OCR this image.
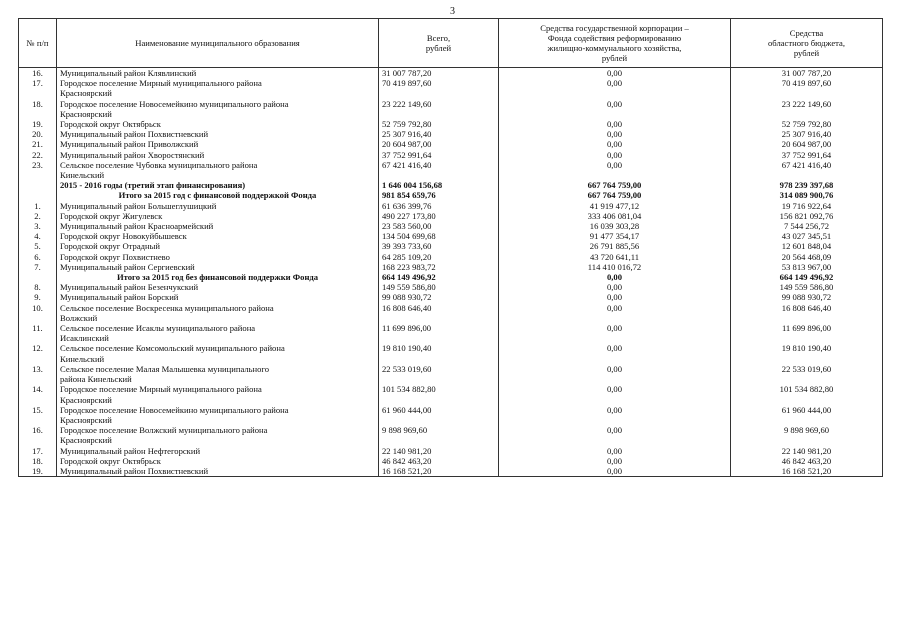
3
№ п/п	Наименование муниципального образования	Всего,
рублей	Средства государственной корпорации –
Фонда содействия реформированию
жилищно-коммунального хозяйства,
рублей	Средства
областного бюджета,
рублей
16.	Муниципальный район Клявлинский	31 007 787,20	0,00	31 007 787,20
17.	Городское поселение Мирный муниципального района
Красноярский	70 419 897,60	0,00	70 419 897,60
18.	Городское поселение Новосемейкино муниципального района
Красноярский	23 222 149,60	0,00	23 222 149,60
19.	Городской округ Октябрьск	52 759 792,80	0,00	52 759 792,80
20.	Муниципальный район Похвистневский	25 307 916,40	0,00	25 307 916,40
21.	Муниципальный район Приволжский	20 604 987,00	0,00	20 604 987,00
22.	Муниципальный район Хворостянский	37 752 991,64	0,00	37 752 991,64
23.	Сельское поселение Чубовка муниципального района
Кинельский	67 421 416,40	0,00	67 421 416,40
	2015 - 2016 годы (третий этап финансирования)	1 646 004 156,68	667 764 759,00	978 239 397,68
	Итого за 2015 год с финансовой поддержкой Фонда	981 854 659,76	667 764 759,00	314 089 900,76
1.	Муниципальный район Большеглушицкий	61 636 399,76	41 919 477,12	19 716 922,64
2.	Городской округ Жигулевск	490 227 173,80	333 406 081,04	156 821 092,76
3.	Муниципальный район Красноармейский	23 583 560,00	16 039 303,28	7 544 256,72
4.	Городской округ Новокуйбышевск	134 504 699,68	91 477 354,17	43 027 345,51
5.	Городской округ Отрадный	39 393 733,60	26 791 885,56	12 601 848,04
6.	Городской округ Похвистнево	64 285 109,20	43 720 641,11	20 564 468,09
7.	Муниципальный район Сергиевский	168 223 983,72	114 410 016,72	53 813 967,00
	Итого за 2015 год без финансовой поддержки Фонда	664 149 496,92	0,00	664 149 496,92
8.	Муниципальный район Безенчукский	149 559 586,80	0,00	149 559 586,80
9.	Муниципальный район Борский	99 088 930,72	0,00	99 088 930,72
10.	Сельское поселение Воскресенка муниципального района
Волжский	16 808 646,40	0,00	16 808 646,40
11.	Сельское поселение Исаклы муниципального района
Исаклинский	11 699 896,00	0,00	11 699 896,00
12.	Сельское поселение Комсомольский муниципального района
Кинельский	19 810 190,40	0,00	19 810 190,40
13.	Сельское поселение Малая Малышевка муниципального
района Кинельский	22 533 019,60	0,00	22 533 019,60
14.	Городское поселение Мирный муниципального района
Красноярский	101 534 882,80	0,00	101 534 882,80
15.	Городское поселение Новосемейкино муниципального района
Красноярский	61 960 444,00	0,00	61 960 444,00
16.	Городское поселение Волжский муниципального района
Красноярский	9 898 969,60	0,00	9 898 969,60
17.	Муниципальный район Нефтегорский	22 140 981,20	0,00	22 140 981,20
18.	Городской округ Октябрьск	46 842 463,20	0,00	46 842 463,20
19.	Муниципальный район Похвистневский	16 168 521,20	0,00	16 168 521,20
